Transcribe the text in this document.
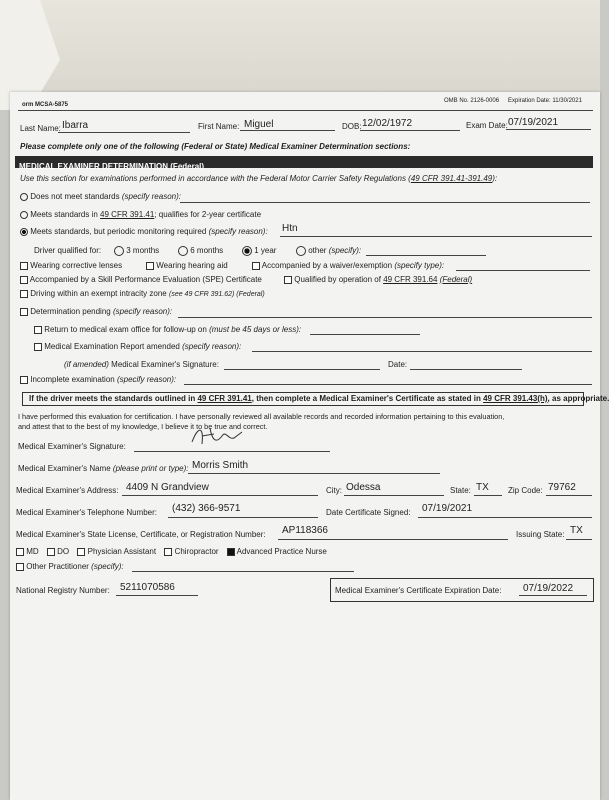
orm MCSA-5875
OMB No. 2126-0006 Expiration Date: 11/30/2021
Last Name: Ibarra	First Name: Miguel	DOB: 12/02/1972	Exam Date: 07/19/2021
Please complete only one of the following (Federal or State) Medical Examiner Determination sections:
MEDICAL EXAMINER DETERMINATION (Federal)
Use this section for examinations performed in accordance with the Federal Motor Carrier Safety Regulations (49 CFR 391.41-391.49):
Does not meet standards (specify reason):
Meets standards in 49 CFR 391.41; qualifies for 2-year certificate
Meets standards, but periodic monitoring required (specify reason): Htn
Driver qualified for:	3 months	6 months	1 year	other (specify):
Wearing corrective lenses	Wearing hearing aid	Accompanied by a waiver/exemption (specify type):
Accompanied by a Skill Performance Evaluation (SPE) Certificate	Qualified by operation of 49 CFR 391.64 (Federal)
Driving within an exempt intracity zone (see 49 CFR 391.62) (Federal)
Determination pending (specify reason):
Return to medical exam office for follow-up on (must be 45 days or less):
Medical Examination Report amended (specify reason):
(if amended) Medical Examiner's Signature:	Date:
Incomplete examination (specify reason):
If the driver meets the standards outlined in 49 CFR 391.41, then complete a Medical Examiner's Certificate as stated in 49 CFR 391.43(h), as appropriate.
I have performed this evaluation for certification. I have personally reviewed all available records and recorded information pertaining to this evaluation,
and attest that to the best of my knowledge, I believe it to be true and correct.
Medical Examiner's Signature:
Medical Examiner's Name (please print or type): Morris Smith
Medical Examiner's Address: 4409 N Grandview	City: Odessa	State: TX Zip Code: 79762
Medical Examiner's Telephone Number: (432) 366-9571	Date Certificate Signed: 07/19/2021
Medical Examiner's State License, Certificate, or Registration Number: AP118366	Issuing State: TX
MD DO Physician Assistant Chiropractor Advanced Practice Nurse
Other Practitioner (specify):
National Registry Number: 5211070586	Medical Examiner's Certificate Expiration Date: 07/19/2022
